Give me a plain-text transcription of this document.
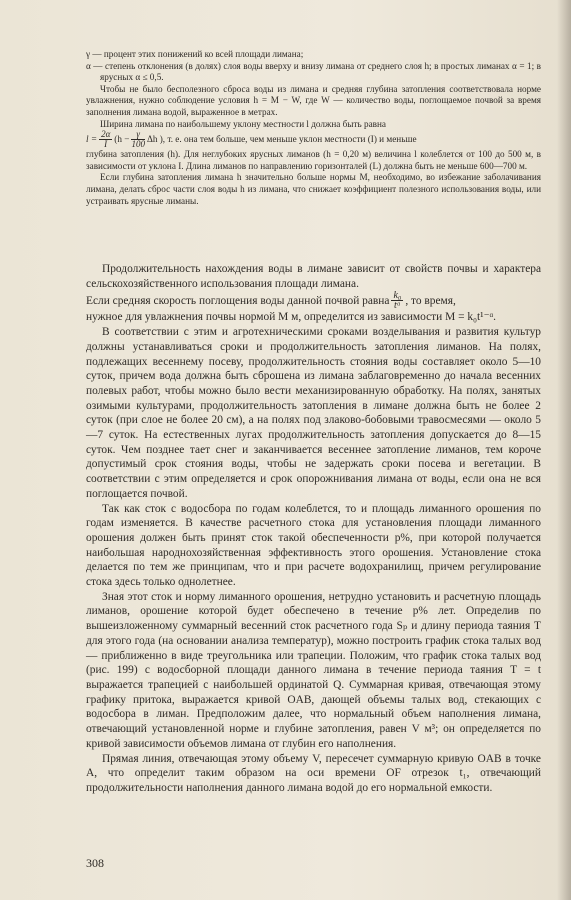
γ — процент этих понижений ко всей площади лимана;

α — степень отклонения (в долях) слоя воды вверху и внизу лимана от среднего слоя h; в простых лиманах α = 1; в ярусных α ≤ 0,5.

Чтобы не было бесполезного сброса воды из лимана и средняя глубина затопления соответствовала норме увлажнения, нужно соблюдение условия h = M − W, где W — количество воды, поглощаемое почвой за время заполнения лимана водой, выраженное в метрах.

Ширина лимана по наибольшему уклону местности l должна быть равна

$l = \frac{2\alpha}{I} (h - \frac{\gamma}{100}$ Δh ), т. е. она тем больше, чем меньше уклон местности (I) и меньше

глубина затопления (h). Для неглубоких ярусных лиманов (h = 0,20 м) величина l колеблется от 100 до 500 м, в зависимости от уклона I. Длина лиманов по направлению горизонталей (L) должна быть не меньше 600—700 м.

Если глубина затопления лимана h значительно больше нормы M, необходимо, во избежание заболачивания лимана, делать сброс части слоя воды h из лимана, что снижает коэффициент полезного использования воды, или устраивать ярусные лиманы.

Продолжительность нахождения воды в лимане зависит от свойств почвы и характера сельскохозяйственного использования площади лимана.

Если средняя скорость поглощения воды данной почвой равна $\frac{\text{k₀}}{\text{tᵅ}}$ , то время,

нужное для увлажнения почвы нормой M м, определится из зависимости M = k₀t¹⁻ᵅ.

В соответствии с этим и агротехническими сроками возделывания и развития культур должны устанавливаться сроки и продолжительность затопления лиманов. На полях, подлежащих весеннему посеву, продолжительность стояния воды составляет около 5—10 суток, причем вода должна быть сброшена из лимана заблаговременно до начала весенних полевых работ, чтобы можно было вести механизированную обработку. На полях, занятых озимыми культурами, продолжительность затопления в лимане должна быть не более 2 суток (при слое не более 20 см), а на полях под злаково-бобовыми травосмесями — около 5—7 суток. На естественных лугах продолжительность затопления допускается до 8—15 суток. Чем позднее тает снег и заканчивается весеннее затопление лиманов, тем короче допустимый срок стояния воды, чтобы не задержать сроки посева и вегетации. В соответствии с этим определяется и срок опорожнивания лимана от воды, если она не вся поглощается почвой.

Так как сток с водосбора по годам колеблется, то и площадь лиманного орошения по годам изменяется. В качестве расчетного стока для установления площади лиманного орошения должен быть принят сток такой обеспеченности p%, при которой получается наибольшая народнохозяйственная эффективность этого орошения. Установление стока делается по тем же принципам, что и при расчете водохранилищ, причем регулирование стока здесь только однолетнее.

Зная этот сток и норму лиманного орошения, нетрудно установить и расчетную площадь лиманов, орошение которой будет обеспечено в течение p% лет. Определив по вышеизложенному суммарный весенний сток расчетного года Sₚ и длину периода таяния T для этого года (на основании анализа температур), можно построить график стока талых вод — приближенно в виде треугольника или трапеции. Положим, что график стока талых вод (рис. 199) с водосборной площади данного лимана в течение периода таяния T = t выражается трапецией с наибольшей ординатой Q. Суммарная кривая, отвечающая этому графику притока, выражается кривой OAB, дающей объемы талых вод, стекающих с водосбора в лиман. Предположим далее, что нормальный объем наполнения лимана, отвечающий установленной норме и глубине затопления, равен V м³; он определяется по кривой зависимости объемов лимана от глубин его наполнения.

Прямая линия, отвечающая этому объему V, пересечет суммарную кривую OAB в точке A, что определит таким образом на оси времени OF отрезок t₁, отвечающий продолжительности наполнения данного лимана водой до его нормальной емкости.

308
